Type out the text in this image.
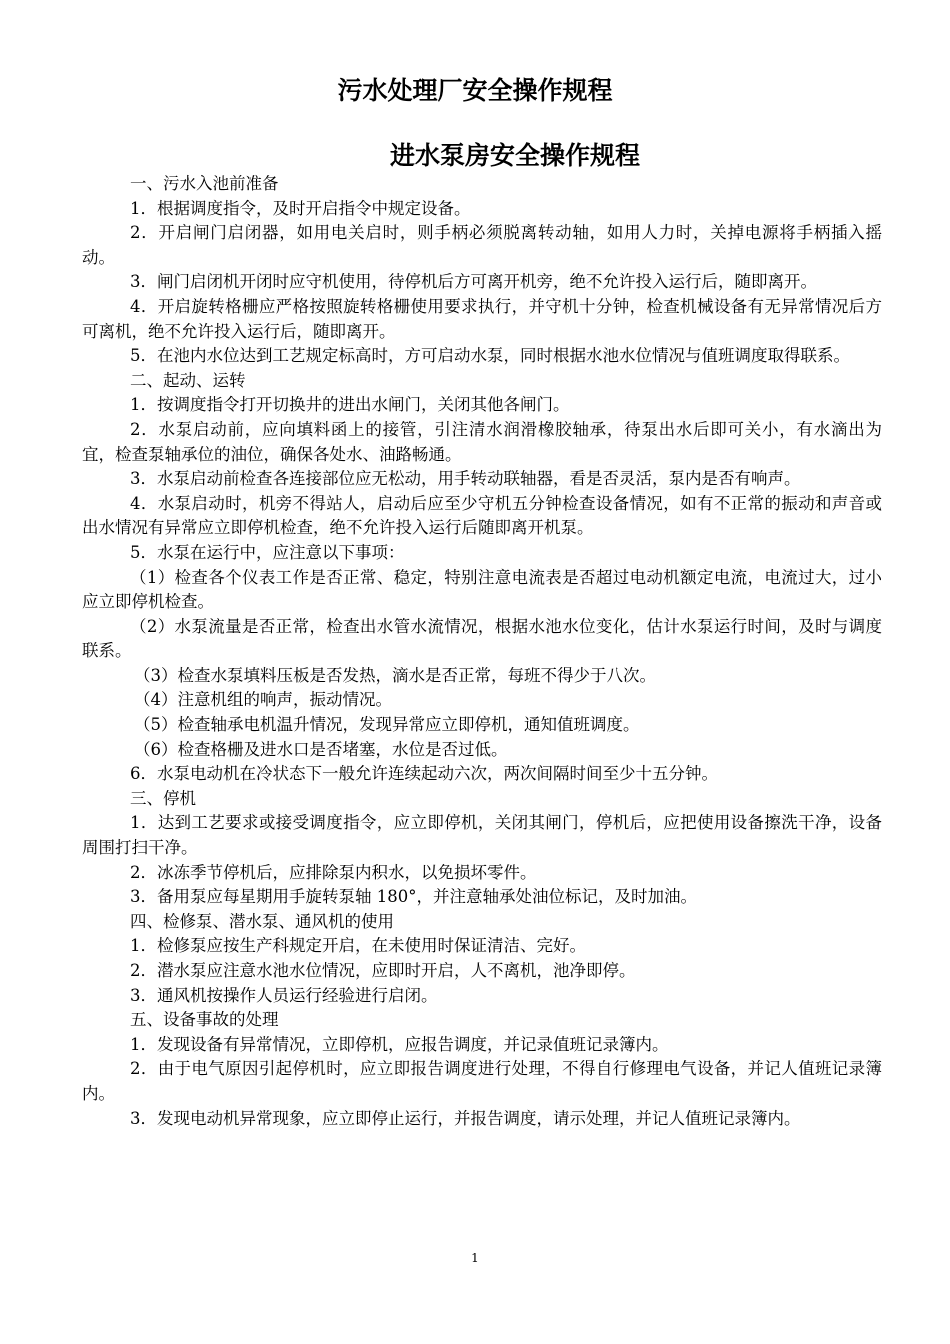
污水处理厂安全操作规程
进水泵房安全操作规程

一、污水入池前准备

1．根据调度指令，及时开启指令中规定设备。

2．开启闸门启闭器，如用电关启时，则手柄必须脱离转动轴，如用人力时，关掉电源将手柄插入摇动。

3．闸门启闭机开闭时应守机使用，待停机后方可离开机旁，绝不允许投入运行后，随即离开。

4．开启旋转格栅应严格按照旋转格栅使用要求执行，并守机十分钟，检查机械设备有无异常情况后方可离机，绝不允许投入运行后，随即离开。

5．在池内水位达到工艺规定标高时，方可启动水泵，同时根据水池水位情况与值班调度取得联系。

二、起动、运转

1．按调度指令打开切换井的进出水闸门，关闭其他各闸门。

2．水泵启动前，应向填料函上的接管，引注清水润滑橡胶轴承，待泵出水后即可关小，有水滴出为宜，检查泵轴承位的油位，确保各处水、油路畅通。

3．水泵启动前检查各连接部位应无松动，用手转动联轴器，看是否灵活，泵内是否有响声。

4．水泵启动时，机旁不得站人，启动后应至少守机五分钟检查设备情况，如有不正常的振动和声音或出水情况有异常应立即停机检查，绝不允许投入运行后随即离开机泵。

5．水泵在运行中，应注意以下事项：

（1）检查各个仪表工作是否正常、稳定，特别注意电流表是否超过电动机额定电流，电流过大，过小应立即停机检查。

（2）水泵流量是否正常，检查出水管水流情况，根据水池水位变化，估计水泵运行时间，及时与调度联系。

（3）检查水泵填料压板是否发热，滴水是否正常，每班不得少于八次。

（4）注意机组的响声，振动情况。

（5）检查轴承电机温升情况，发现异常应立即停机，通知值班调度。

（6）检查格栅及进水口是否堵塞，水位是否过低。

6．水泵电动机在冷状态下一般允许连续起动六次，两次间隔时间至少十五分钟。

三、停机

1．达到工艺要求或接受调度指令，应立即停机，关闭其闸门，停机后，应把使用设备擦洗干净，设备周围打扫干净。

2．冰冻季节停机后，应排除泵内积水，以免损坏零件。

3．备用泵应每星期用手旋转泵轴 180°，并注意轴承处油位标记，及时加油。

四、检修泵、潜水泵、通风机的使用

1．检修泵应按生产科规定开启，在未使用时保证清洁、完好。

2．潜水泵应注意水池水位情况，应即时开启，人不离机，池净即停。

3．通风机按操作人员运行经验进行启闭。

五、设备事故的处理

1．发现设备有异常情况，立即停机，应报告调度，并记录值班记录簿内。

2．由于电气原因引起停机时，应立即报告调度进行处理，不得自行修理电气设备，并记人值班记录簿内。

3．发现电动机异常现象，应立即停止运行，并报告调度，请示处理，并记人值班记录簿内。

1
